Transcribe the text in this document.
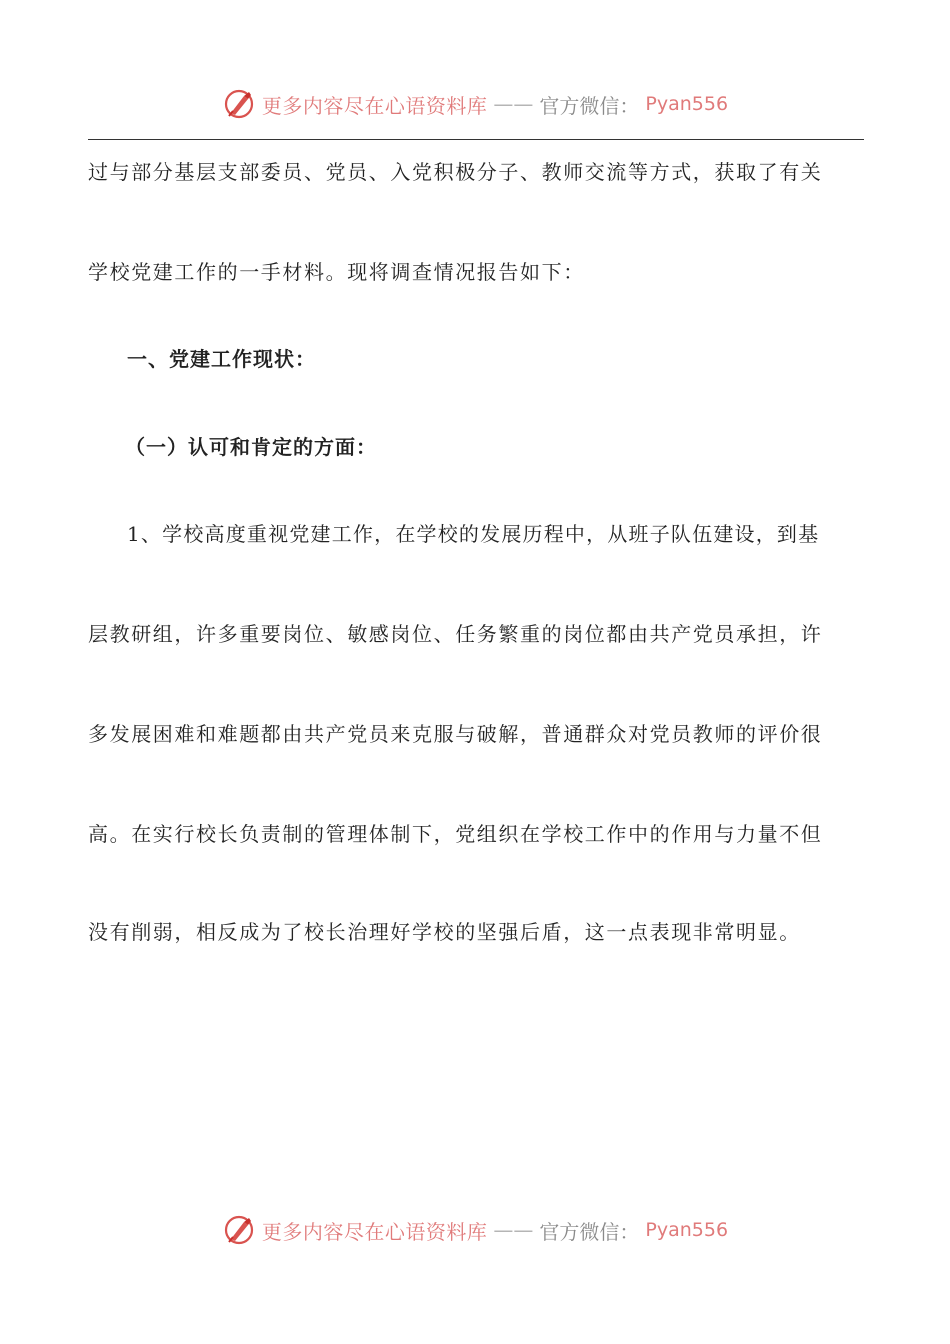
更多内容尽在心语资料库 —— 官方微信： Pyan556
过与部分基层支部委员、党员、入党积极分子、教师交流等方式，获取了有关
学校党建工作的一手材料。现将调查情况报告如下：
一、党建工作现状：
（一）认可和肯定的方面：
1、学校高度重视党建工作，在学校的发展历程中，从班子队伍建设，到基
层教研组，许多重要岗位、敏感岗位、任务繁重的岗位都由共产党员承担，许
多发展困难和难题都由共产党员来克服与破解，普通群众对党员教师的评价很
高。在实行校长负责制的管理体制下，党组织在学校工作中的作用与力量不但
没有削弱，相反成为了校长治理好学校的坚强后盾，这一点表现非常明显。
更多内容尽在心语资料库 —— 官方微信： Pyan556
